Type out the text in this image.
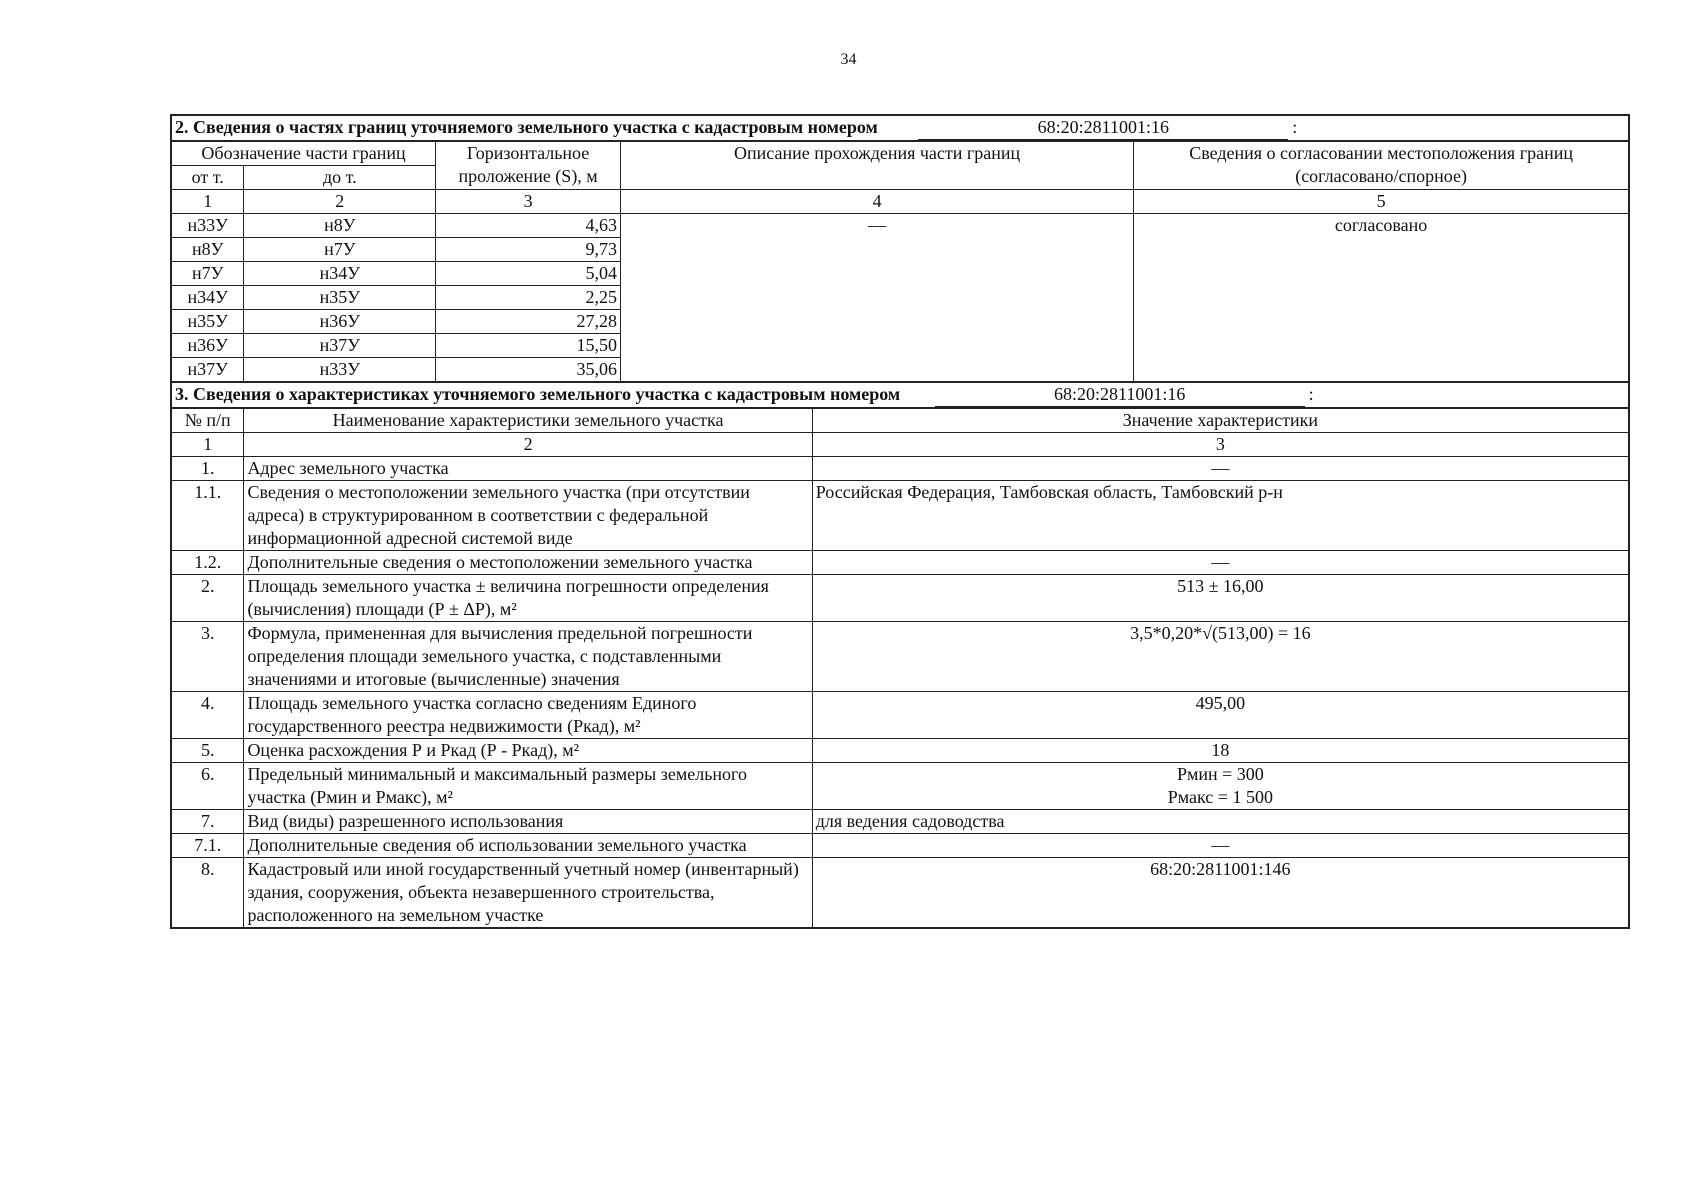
34
2. Сведения о частях границ уточняемого земельного участка с кадастровым номером 68:20:2811001:16 :					
Обозначение части границ		Горизонтальное проложение (S), м	Описание прохождения части границ		Сведения о согласовании местоположения границ (согласовано/спорное)
от т.	до т.				
1	2	3	4		5
н33У	н8У	4,63	—		согласовано
н8У	н7У	9,73			
н7У	н34У	5,04			
н34У	н35У	2,25			
н35У	н36У	27,28			
н36У	н37У	15,50			
н37У	н33У	35,06			
3. Сведения о характеристиках уточняемого земельного участка с кадастровым номером 68:20:2811001:16 :					
№ п/п	Наименование характеристики земельного участка			Значение характеристики	
1	2			3	
1.	Адрес земельного участка			—	
1.1.	Сведения о местоположении земельного участка (при отсутствии адреса) в структурированном в соответствии с федеральной информационной адресной системой виде			Российская Федерация, Тамбовская область, Тамбовский р-н	
1.2.	Дополнительные сведения о местоположении земельного участка			—	
2.	Площадь земельного участка ± величина погрешности определения (вычисления) площади (Р ± ΔР), м²			513 ± 16,00	
3.	Формула, примененная для вычисления предельной погрешности определения площади земельного участка, с подставленными значениями и итоговые (вычисленные) значения			3,5*0,20*√(513,00) = 16	
4.	Площадь земельного участка согласно сведениям Единого государственного реестра недвижимости (Ркад), м²			495,00	
5.	Оценка расхождения Р и Ркад (Р - Ркад), м²			18	
6.	Предельный минимальный и максимальный размеры земельного участка (Рмин и Рмакс), м²			Рмин = 300
Рмакс = 1 500	

7.	Вид (виды) разрешенного использования			для ведения садоводства	
7.1.	Дополнительные сведения об использовании земельного участка			—	
8.	Кадастровый или иной государственный учетный номер (инвентарный) здания, сооружения, объекта незавершенного строительства, расположенного на земельном участке			68:20:2811001:146	
